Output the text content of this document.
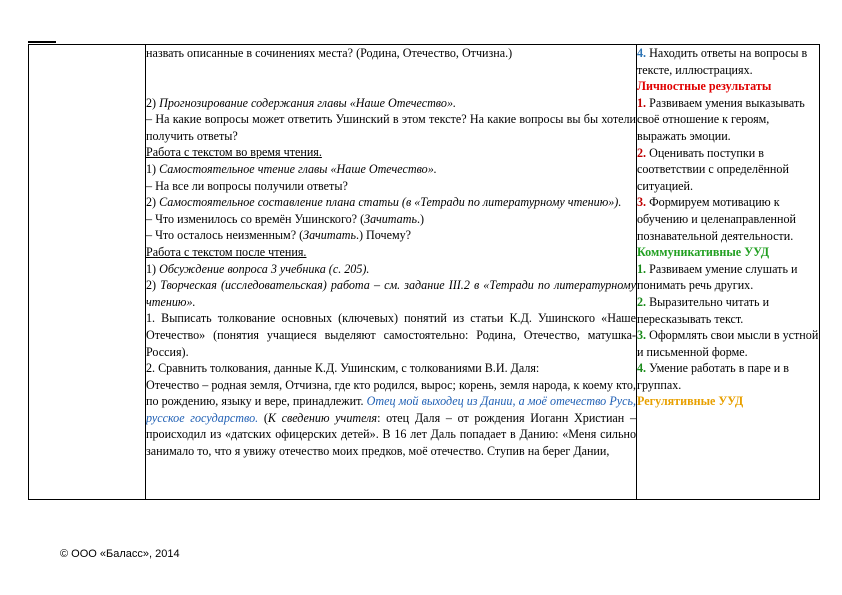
назвать описанные в сочинениях места? (Родина, Отечество, Отчизна.)

2) Прогнозирование содержания главы «Наше Отечество».

– На какие вопросы может ответить Ушинский в этом тексте? На какие вопросы вы бы хотели получить ответы?

Работа с текстом во время чтения.

1) Самостоятельное чтение главы «Наше Отечество».

– На все ли вопросы получили ответы?

2) Самостоятельное составление плана статьи (в «Тетради по литературному чтению»).

– Что изменилось со времён Ушинского? (Зачитать.)

– Что осталось неизменным? (Зачитать.) Почему?

Работа с текстом после чтения.

1) Обсуждение вопроса 3 учебника (с. 205).

2) Творческая (исследовательская) работа – см. задание III.2 в «Тетради по литературному чтению».

1. Выписать толкование основных (ключевых) понятий из статьи К.Д. Ушинского «Наше Отечество» (понятия учащиеся выделяют самостоятельно: Родина, Отечество, матушка-Россия).

2. Сравнить толкования, данные К.Д. Ушинским, с толкованиями В.И. Даля:

Отечество – родная земля, Отчизна, где кто родился, вырос; корень, земля народа, к коему кто, по рождению, языку и вере, принадлежит. Отец мой выходец из Дании, а моё отечество Русь, русское государство. (К сведению учителя: отец Даля – от рождения Иоганн Христиан – происходил из «датских офицерских детей». В 16 лет Даль попадает в Данию: «Меня сильно занимало то, что я увижу отечество моих предков, моё отечество. Ступив на берег Дании,

4. Находить ответы на вопросы в тексте, иллюстрациях.

Личностные результаты

1. Развиваем умения выказывать своё отношение к героям, выражать эмоции.

2. Оценивать поступки в соответствии с определённой ситуацией.

3. Формируем мотивацию к обучению и целенаправленной познавательной деятельности.

Коммуникативные УУД

1. Развиваем умение слушать и понимать речь других.

2. Выразительно читать и пересказывать текст.

3. Оформлять свои мысли в устной и письменной форме.

4. Умение работать в паре и в группах.

Регулятивные УУД

© ООО «Баласс», 2014
